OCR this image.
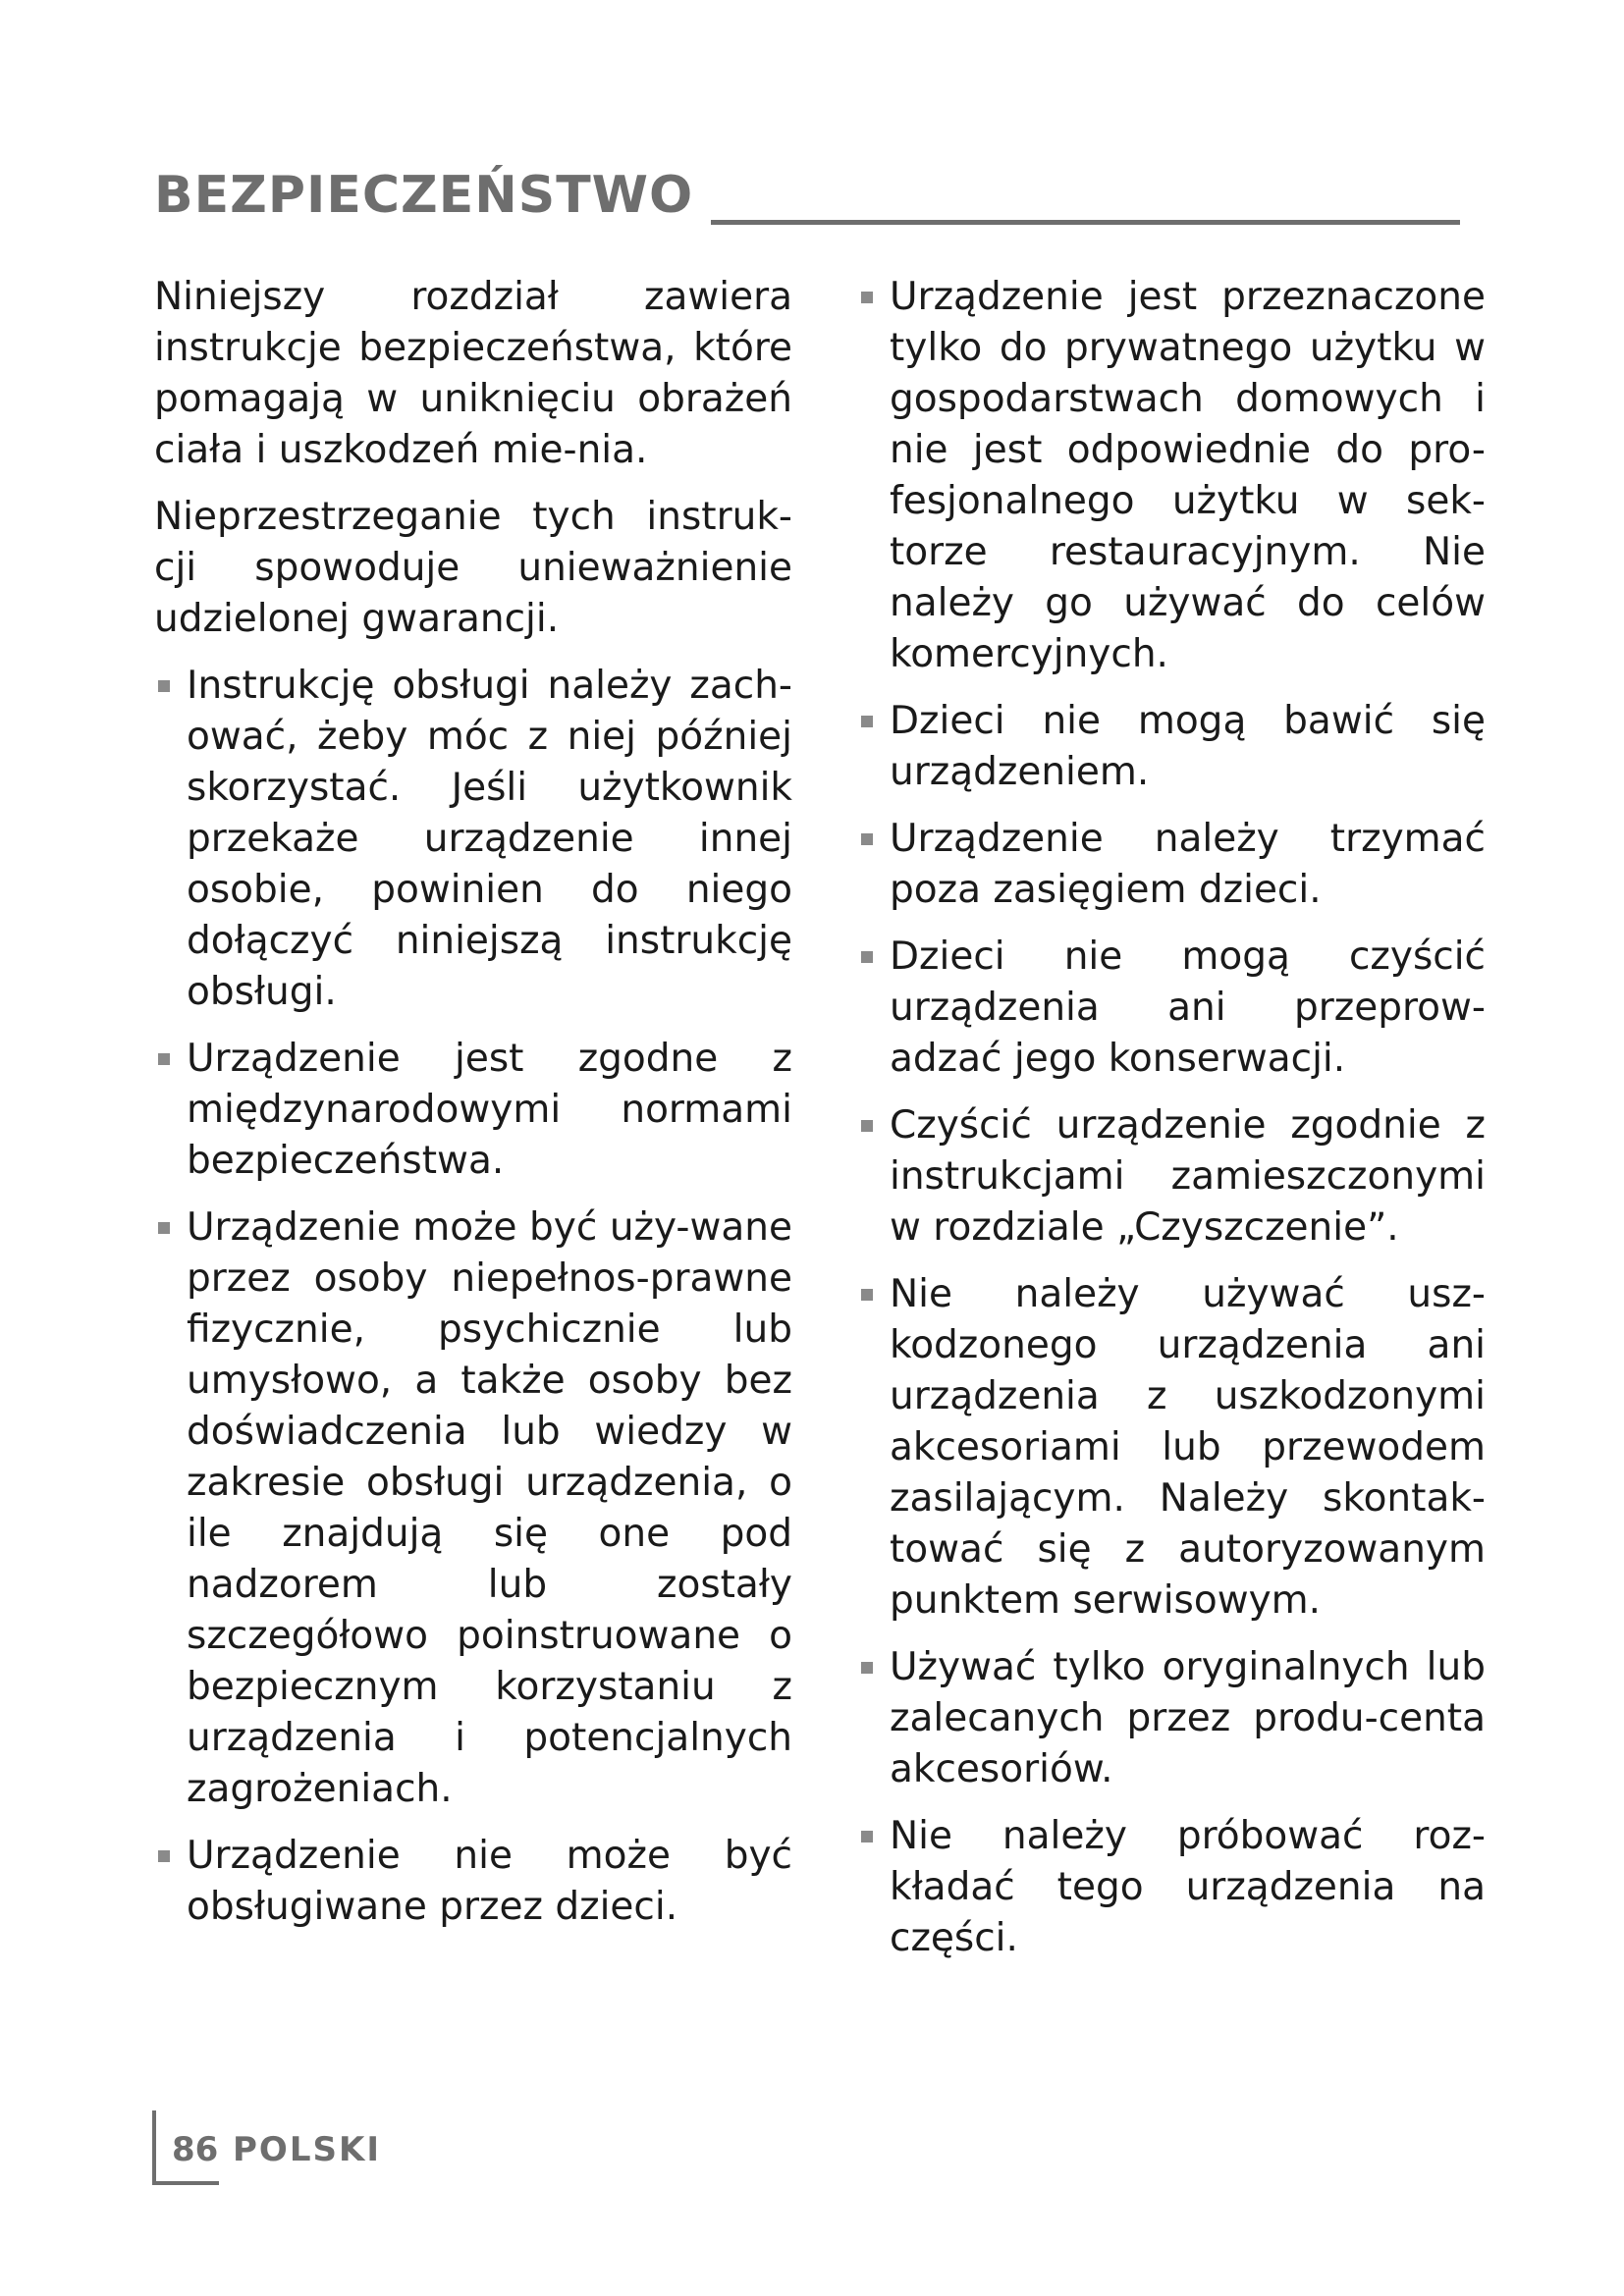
BEZPIECZEŃSTWO

Niniejszy rozdział zawiera instrukcje bezpieczeństwa, które pomagają w uniknięciu obrażeń ciała i uszkodzeń mie-nia.

Nieprzestrzeganie tych instruk-cji spowoduje unieważnienie udzielonej gwarancji.

Instrukcję obsługi należy zach-ować, żeby móc z niej później skorzystać. Jeśli użytkownik przekaże urządzenie innej osobie, powinien do niego dołączyć niniejszą instrukcję obsługi.
Urządzenie jest zgodne z międzynarodowymi normami bezpieczeństwa.
Urządzenie może być uży-wane przez osoby niepełnos-prawne fizycznie, psychicznie lub umysłowo, a także osoby bez doświadczenia lub wiedzy w zakresie obsługi urządzenia, o ile znajdują się one pod nadzorem lub zostały szczegółowo poinstruowane o bezpiecznym korzystaniu z urządzenia i potencjalnych zagrożeniach.
Urządzenie nie może być obsługiwane przez dzieci.
Urządzenie jest przeznaczone tylko do prywatnego użytku w gospodarstwach domowych i nie jest odpowiednie do pro-fesjonalnego użytku w sek-torze restauracyjnym. Nie należy go używać do celów komercyjnych.
Dzieci nie mogą bawić się urządzeniem.
Urządzenie należy trzymać poza zasięgiem dzieci.
Dzieci nie mogą czyścić urządzenia ani przeprow-adzać jego konserwacji.
Czyścić urządzenie zgodnie z instrukcjami zamieszczonymi w rozdziale „Czyszczenie”.
Nie należy używać usz-kodzonego urządzenia ani urządzenia z uszkodzonymi akcesoriami lub przewodem zasilającym. Należy skontak-tować się z autoryzowanym punktem serwisowym.
Używać tylko oryginalnych lub zalecanych przez produ-centa akcesoriów.
Nie należy próbować roz-kładać tego urządzenia na części.
86 POLSKI
